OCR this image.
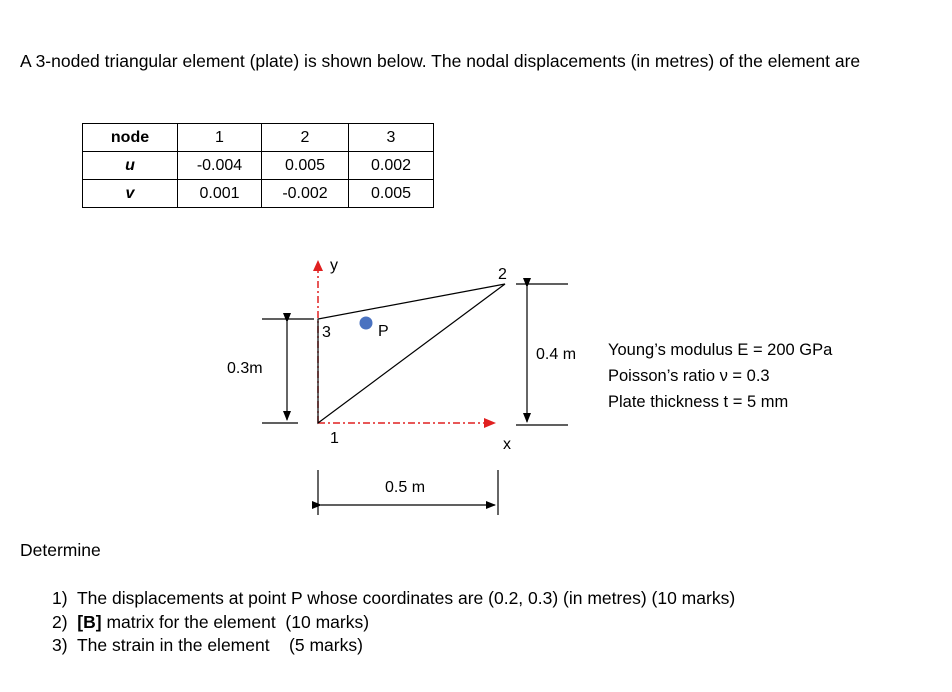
A 3-noded triangular element (plate) is shown below. The nodal displacements (in metres) of the element are
node	1	2	3
u	-0.004	0.005	0.002
v	0.001	-0.002	0.005
y
x
1
2
3	P
0.3m
0.4 m
0.5 m
Young’s modulus E = 200 GPa
Poisson’s ratio ν = 0.3
Plate thickness t = 5 mm
Determine
1) The displacements at point P whose coordinates are (0.2, 0.3) (in metres) (10 marks)
2) [B] matrix for the element  (10 marks)
3) The strain in the element    (5 marks)
